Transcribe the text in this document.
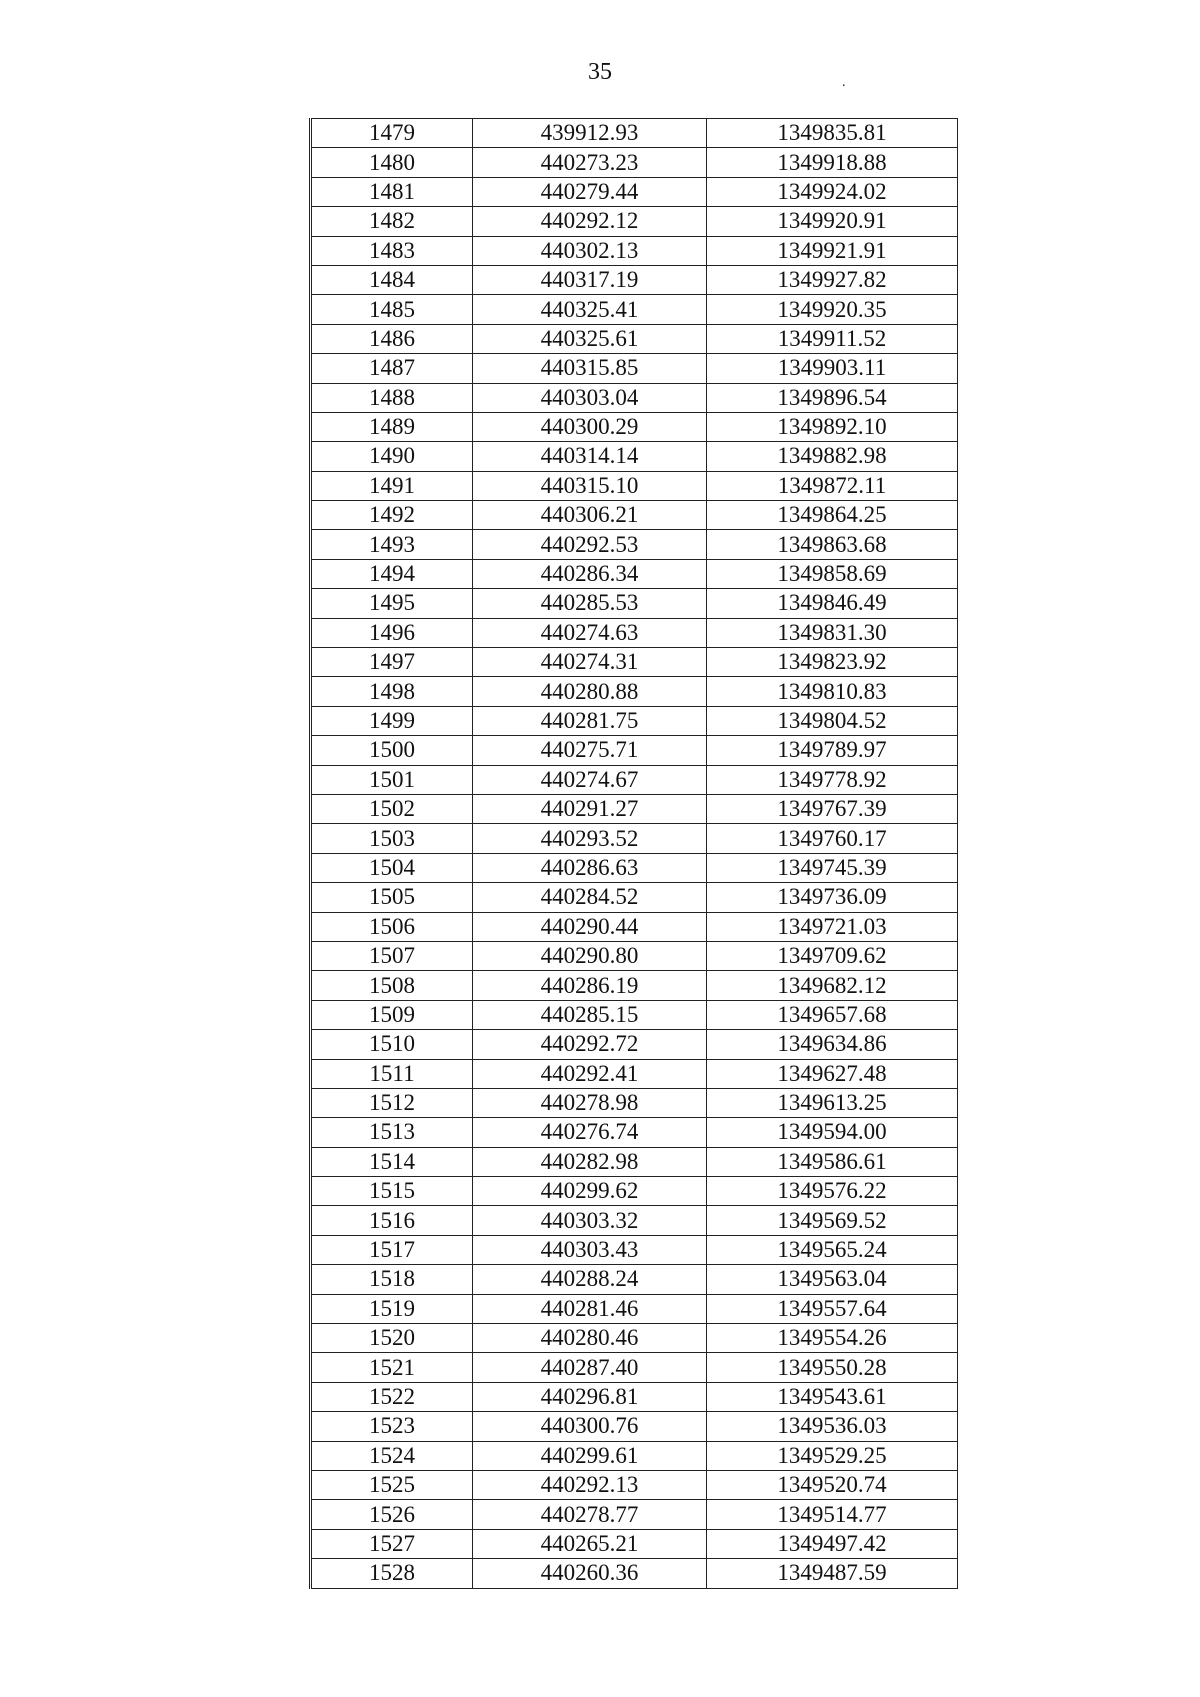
35	.
1479	439912.93	1349835.81
1480	440273.23	1349918.88
1481	440279.44	1349924.02
1482	440292.12	1349920.91
1483	440302.13	1349921.91
1484	440317.19	1349927.82
1485	440325.41	1349920.35
1486	440325.61	1349911.52
1487	440315.85	1349903.11
1488	440303.04	1349896.54
1489	440300.29	1349892.10
1490	440314.14	1349882.98
1491	440315.10	1349872.11
1492	440306.21	1349864.25
1493	440292.53	1349863.68
1494	440286.34	1349858.69
1495	440285.53	1349846.49
1496	440274.63	1349831.30
1497	440274.31	1349823.92
1498	440280.88	1349810.83
1499	440281.75	1349804.52
1500	440275.71	1349789.97
1501	440274.67	1349778.92
1502	440291.27	1349767.39
1503	440293.52	1349760.17
1504	440286.63	1349745.39
1505	440284.52	1349736.09
1506	440290.44	1349721.03
1507	440290.80	1349709.62
1508	440286.19	1349682.12
1509	440285.15	1349657.68
1510	440292.72	1349634.86
1511	440292.41	1349627.48
1512	440278.98	1349613.25
1513	440276.74	1349594.00
1514	440282.98	1349586.61
1515	440299.62	1349576.22
1516	440303.32	1349569.52
1517	440303.43	1349565.24
1518	440288.24	1349563.04
1519	440281.46	1349557.64
1520	440280.46	1349554.26
1521	440287.40	1349550.28
1522	440296.81	1349543.61
1523	440300.76	1349536.03
1524	440299.61	1349529.25
1525	440292.13	1349520.74
1526	440278.77	1349514.77
1527	440265.21	1349497.42
1528	440260.36	1349487.59
